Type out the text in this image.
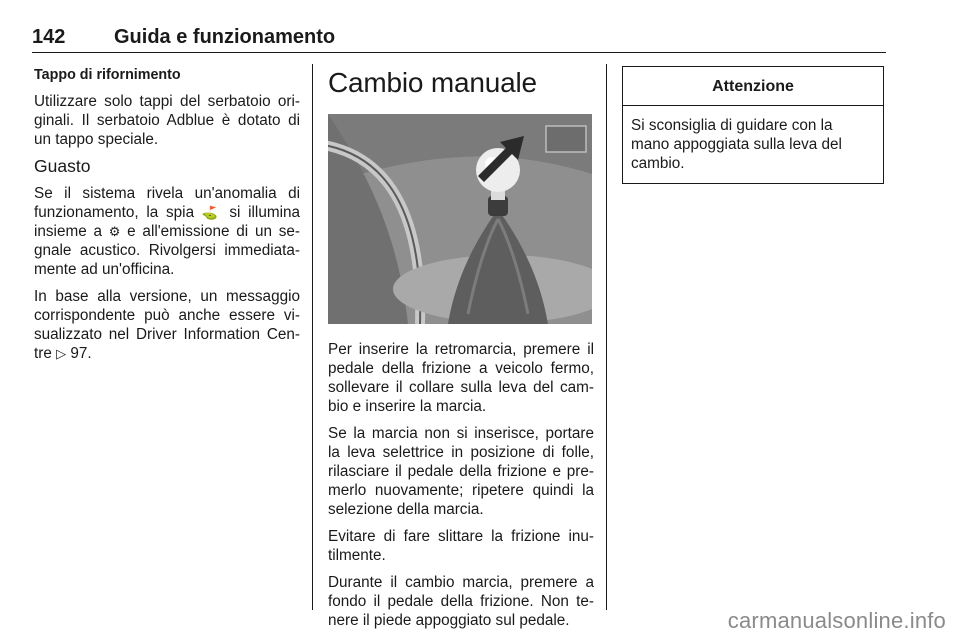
142 Guida e funzionamento

Tappo di rifornimento

Utilizzare solo tappi del serbatoio originali. Il serbatoio Adblue è dotato di un tappo speciale.

Guasto

Se il sistema rivela un'anomalia di funzionamento, la spia ⛳ si illumina insieme a ⚙ e all'emissione di un segnale acustico. Rivolgersi immediatamente ad un'officina.

In base alla versione, un messaggio corrispondente può anche essere visualizzato nel Driver Information Centre ▷ 97.

Cambio manuale

Per inserire la retromarcia, premere il pedale della frizione a veicolo fermo, sollevare il collare sulla leva del cambio e inserire la marcia.

Se la marcia non si inserisce, portare la leva selettrice in posizione di folle, rilasciare il pedale della frizione e premerlo nuovamente; ripetere quindi la selezione della marcia.

Evitare di fare slittare la frizione inutilmente.

Durante il cambio marcia, premere a fondo il pedale della frizione. Non tenere il piede appoggiato sul pedale.

Attenzione
Si sconsiglia di guidare con la mano appoggiata sulla leva del cambio.
carmanualsonline.info
